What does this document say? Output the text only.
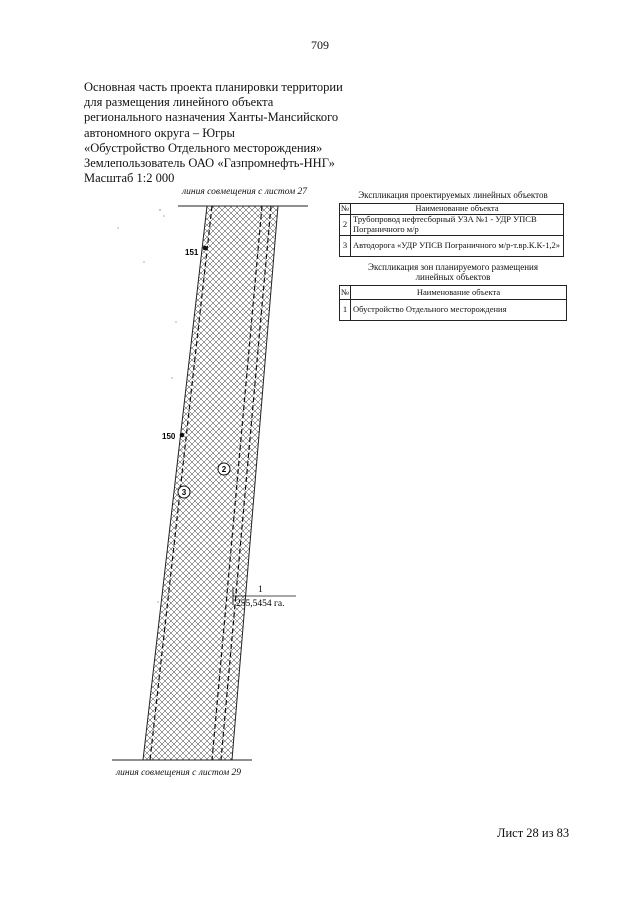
709
Основная часть проекта планировки территории
для размещения линейного объекта
регионального назначения Ханты-Мансийского
автономного округа – Югры
«Обустройство Отдельного месторождения»
Землепользователь ОАО «Газпромнефть-ННГ»
Масштаб 1:2 000
151
150
2
3
1
255,5454 га.
линия совмещения с листом 27
линия совмещения с листом 29
Экспликация проектируемых линейных объектов
№	Наименование объекта
2	Трубопровод нефтесборный УЗА №1 - УДР УПСВ Пограничного м/р
3	Автодорога «УДР УПСВ Пограничного м/р-т.вр.К.К-1,2»
Экспликация зон планируемого размещения
линейных объектов
№	Наименование объекта
1	Обустройство Отдельного месторождения
Лист 28 из 83
